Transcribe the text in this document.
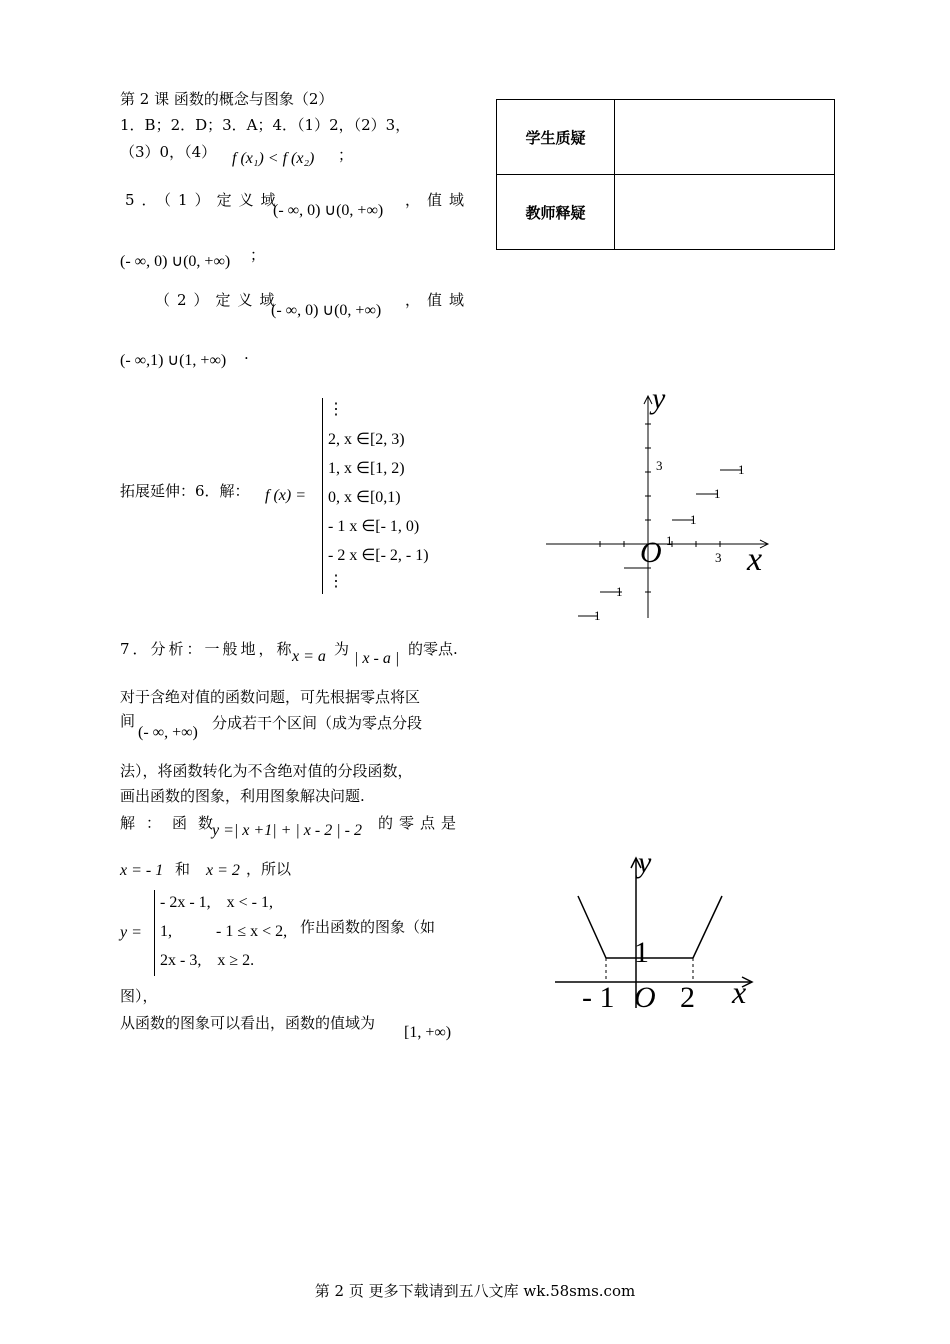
第 2 课 函数的概念与图象（2）
1．B；2．D；3．A；4．（1）2，（2）3，
（3）0，（4） f (x₁) < f (x₂) ；
5．（1）定义域
(- ∞, 0) ∪(0, +∞)
，值域
(- ∞, 0) ∪(0, +∞) ；
（2）定义域
(- ∞, 0) ∪(0, +∞)
，值域
(- ∞,1) ∪(1, +∞) .
拓展延伸：6．解： f (x) =
⋮
2, x ∈[2, 3)
1, x ∈[1, 2)
0, x ∈[0,1)
- 1 x ∈[- 1, 0)
- 2 x ∈[- 2, - 1)
⋮
7．分析：一般地，称
x = a 为
| x - a |
的零点.
对于含绝对值的函数问题，可先根据零点将区
间
(- ∞, +∞)
分成若干个区间（成为零点分段
法），将函数转化为不含绝对值的分段函数，
画出函数的图象，利用图象解决问题.
解：函数
y =| x +1| + | x - 2 | - 2 的零点是
x = - 1 和 x = 2 ，所以
y =
- 2x - 1,    x < - 1,
1,           - 1 ≤ x < 2,
2x - 3,    x ≥ 2.
作出函数的图象（如
图），
从函数的图象可以看出，函数的值域为
[1, +∞)
学生质疑	
教师释疑	
1
1
1
1
1
3
3
1
O	x
y
y
1
- 1 O 2 x
第 2 页 更多下载请到五八文库 wk.58sms.com
